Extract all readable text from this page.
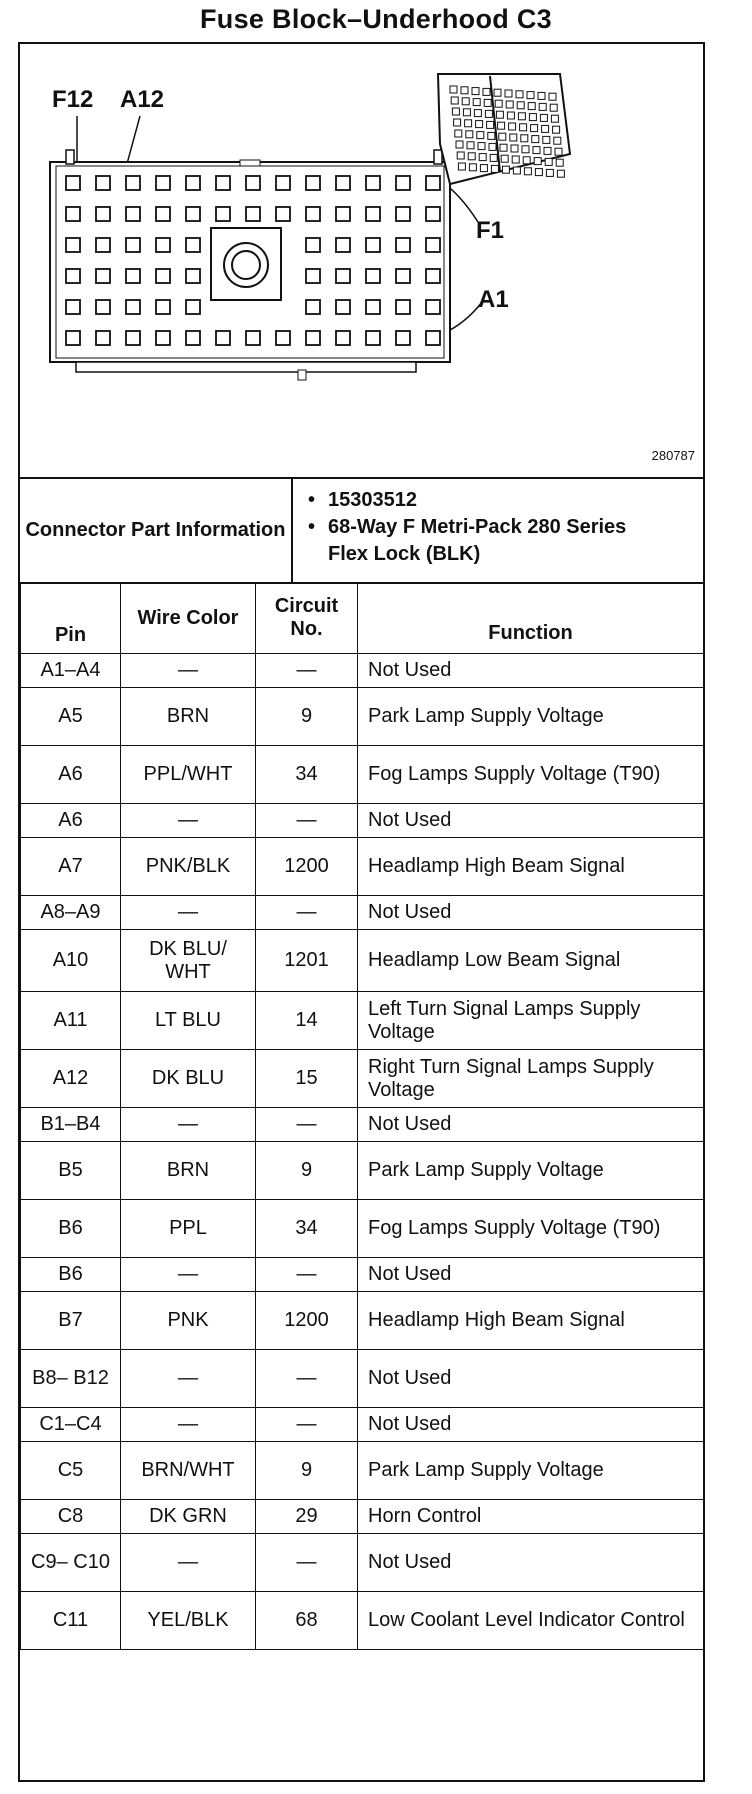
Fuse Block–Underhood C3
F12 A12
F1
A1
280787
Connector Part Information
• 15303512
• 68-Way F Metri-Pack 280 Series Flex Lock (BLK)
Pin	Wire Color	Circuit No.	Function
A1–A4	—	—	Not Used
A5	BRN	9	Park Lamp Supply Voltage
A6	PPL/WHT	34	Fog Lamps Supply Voltage (T90)
A6	—	—	Not Used
A7	PNK/BLK	1200	Headlamp High Beam Signal
A8–A9	—	—	Not Used
A10	DK BLU/ WHT	1201	Headlamp Low Beam Signal
A11	LT BLU	14	Left Turn Signal Lamps Supply Voltage
A12	DK BLU	15	Right Turn Signal Lamps Supply Voltage
B1–B4	—	—	Not Used
B5	BRN	9	Park Lamp Supply Voltage
B6	PPL	34	Fog Lamps Supply Voltage (T90)
B6	—	—	Not Used
B7	PNK	1200	Headlamp High Beam Signal
B8– B12	—	—	Not Used
C1–C4	—	—	Not Used
C5	BRN/WHT	9	Park Lamp Supply Voltage
C8	DK GRN	29	Horn Control
C9– C10	—	—	Not Used
C11	YEL/BLK	68	Low Coolant Level Indicator Control
